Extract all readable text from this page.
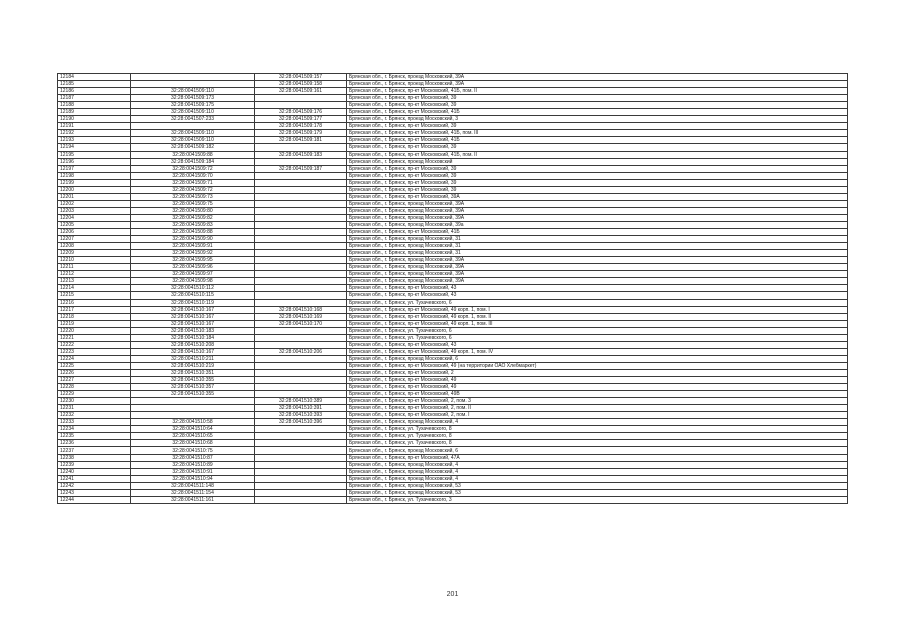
12184		32:28:0041509:157	Брянская обл., г. Брянск, проезд Московский, 39А
12185		32:28:0041509:158	Брянская обл., г. Брянск, проезд Московский, 39А
12186	32:28:0041509:110	32:28:0041509:161	Брянская обл., г. Брянск, пр-кт Московский, 41Б, пом. II
12187	32:28:0041509:173		Брянская обл., г. Брянск, пр-кт Московский, 39
12188	32:28:0041509:175		Брянская обл., г. Брянск, пр-кт Московский, 39
12189	32:28:0041509:110	32:28:0041509:176	Брянская обл., г. Брянск, пр-кт Московский, 41Б
12190	32:28:0041507:233	32:28:0041509:177	Брянская обл., г. Брянск, проезд Московский, 3
12191		32:28:0041509:178	Брянская обл., г. Брянск, пр-кт Московский, 39
12192	32:28:0041509:110	32:28:0041509:179	Брянская обл., г. Брянск, пр-кт Московский, 41Б, пом. III
12193	32:28:0041509:110	32:28:0041509:181	Брянская обл., г. Брянск, пр-кт Московский, 41Б
12194	32:28:0041509:182		Брянская обл., г. Брянск, пр-кт Московский, 39
12195	32:28:0041509:88	32:28:0041509:183	Брянская обл., г. Брянск, пр-кт Московский, 41Б, пом. II
12196	32:28:0041509:184		Брянская обл., г. Брянск, проезд Московский
12197	32:28:0041509:72	32:28:0041509:187	Брянская обл., г. Брянск, пр-кт Московский, 39
12198	32:28:0041509:70		Брянская обл., г. Брянск, пр-кт Московский, 39
12199	32:28:0041509:71		Брянская обл., г. Брянск, пр-кт Московский, 39
12200	32:28:0041509:72		Брянская обл., г. Брянск, пр-кт Московский, 39
12201	32:28:0041509:73		Брянская обл., г. Брянск, пр-кт Московский, 39А
12202	32:28:0041509:75		Брянская обл., г. Брянск, проезд Московский, 39А
12203	32:28:0041509:80		Брянская обл., г. Брянск, проезд Московский, 39А
12204	32:28:0041509:82		Брянская обл., г. Брянск, проезд Московский, 39А
12205	32:28:0041509:83		Брянская обл., г. Брянск, проезд Московский, 39а
12206	32:28:0041509:88		Брянская обл., г. Брянск, пр-кт Московский, 41Б
12207	32:28:0041509:90		Брянская обл., г. Брянск, проезд Московский, 31
12208	32:28:0041509:91		Брянская обл., г. Брянск, проезд Московский, 31
12209	32:28:0041509:92		Брянская обл., г. Брянск, проезд Московский, 31
12210	32:28:0041509:95		Брянская обл., г. Брянск, проезд Московский, 39А
12211	32:28:0041509:96		Брянская обл., г. Брянск, проезд Московский, 39А
12212	32:28:0041509:97		Брянская обл., г. Брянск, проезд Московский, 39А
12213	32:28:0041509:98		Брянская обл., г. Брянск, проезд Московский, 39А
12214	32:28:0041510:112		Брянская обл., г. Брянск, пр-кт Московский, 43
12215	32:28:0041510:115		Брянская обл., г. Брянск, пр-кт Московский, 43
12216	32:28:0041510:119		Брянская обл., г. Брянск, ул. Тухачевского, 6
12217	32:28:0041510:167	32:28:0041510:168	Брянская обл., г. Брянск, пр-кт Московский, 49 корп. 1, пом. I
12218	32:28:0041510:167	32:28:0041510:169	Брянская обл., г. Брянск, пр-кт Московский, 49 корп. 1, пом. II
12219	32:28:0041510:167	32:28:0041510:170	Брянская обл., г. Брянск, пр-кт Московский, 49 корп. 1, пом. III
12220	32:28:0041510:183		Брянская обл., г. Брянск, ул. Тухачевского, 6
12221	32:28:0041510:184		Брянская обл., г. Брянск, ул. Тухачевского, 6
12222	32:28:0041510:208		Брянская обл., г. Брянск, пр-кт Московский, 43
12223	32:28:0041510:167	32:28:0041510:206	Брянская обл., г. Брянск, пр-кт Московский, 49 корп. 1, пом. IV
12224	32:28:0041510:211		Брянская обл., г. Брянск, проезд Московский, 6
12225	32:28:0041510:219		Брянская обл., г. Брянск, пр-кт Московский, 49 (на территории ОАО Хлебмаркет)
12226	32:28:0041510:351		Брянская обл., г. Брянск, пр-кт Московский, 2
12227	32:28:0041510:355		Брянская обл., г. Брянск, пр-кт Московский, 49
12228	32:28:0041510:357		Брянская обл., г. Брянск, пр-кт Московский, 49
12229	32:28:0041510:355		Брянская обл., г. Брянск, пр-кт Московский, 49В
12230		32:28:0041510:389	Брянская обл., г. Брянск, пр-кт Московский, 2, пом. 3
12231		32:28:0041510:391	Брянская обл., г. Брянск, пр-кт Московский, 2, пом. II
12232		32:28:0041510:393	Брянская обл., г. Брянск, пр-кт Московский, 2, пом. I
12233	32:28:0041510:58	32:28:0041510:396	Брянская обл., г. Брянск, проезд Московский, 4
12234	32:28:0041510:64		Брянская обл., г. Брянск, ул. Тухачевского, 8
12235	32:28:0041510:65		Брянская обл., г. Брянск, ул. Тухачевского, 8
12236	32:28:0041510:68		Брянская обл., г. Брянск, ул. Тухачевского, 8
12237	32:28:0041510:75		Брянская обл., г. Брянск, проезд Московский, 6
12238	32:28:0041510:87		Брянская обл., г. Брянск, пр-кт Московский, 47А
12239	32:28:0041510:89		Брянская обл., г. Брянск, проезд Московский, 4
12240	32:28:0041510:91		Брянская обл., г. Брянск, проезд Московский, 4
12241	32:28:0041510:94		Брянская обл., г. Брянск, проезд Московский, 4
12242	32:28:0041511:148		Брянская обл., г. Брянск, проезд Московский, 53
12243	32:28:0041511:154		Брянская обл., г. Брянск, проезд Московский, 53
12244	32:28:0041511:161		Брянская обл., г. Брянск, ул. Тухачевского, 3
201
